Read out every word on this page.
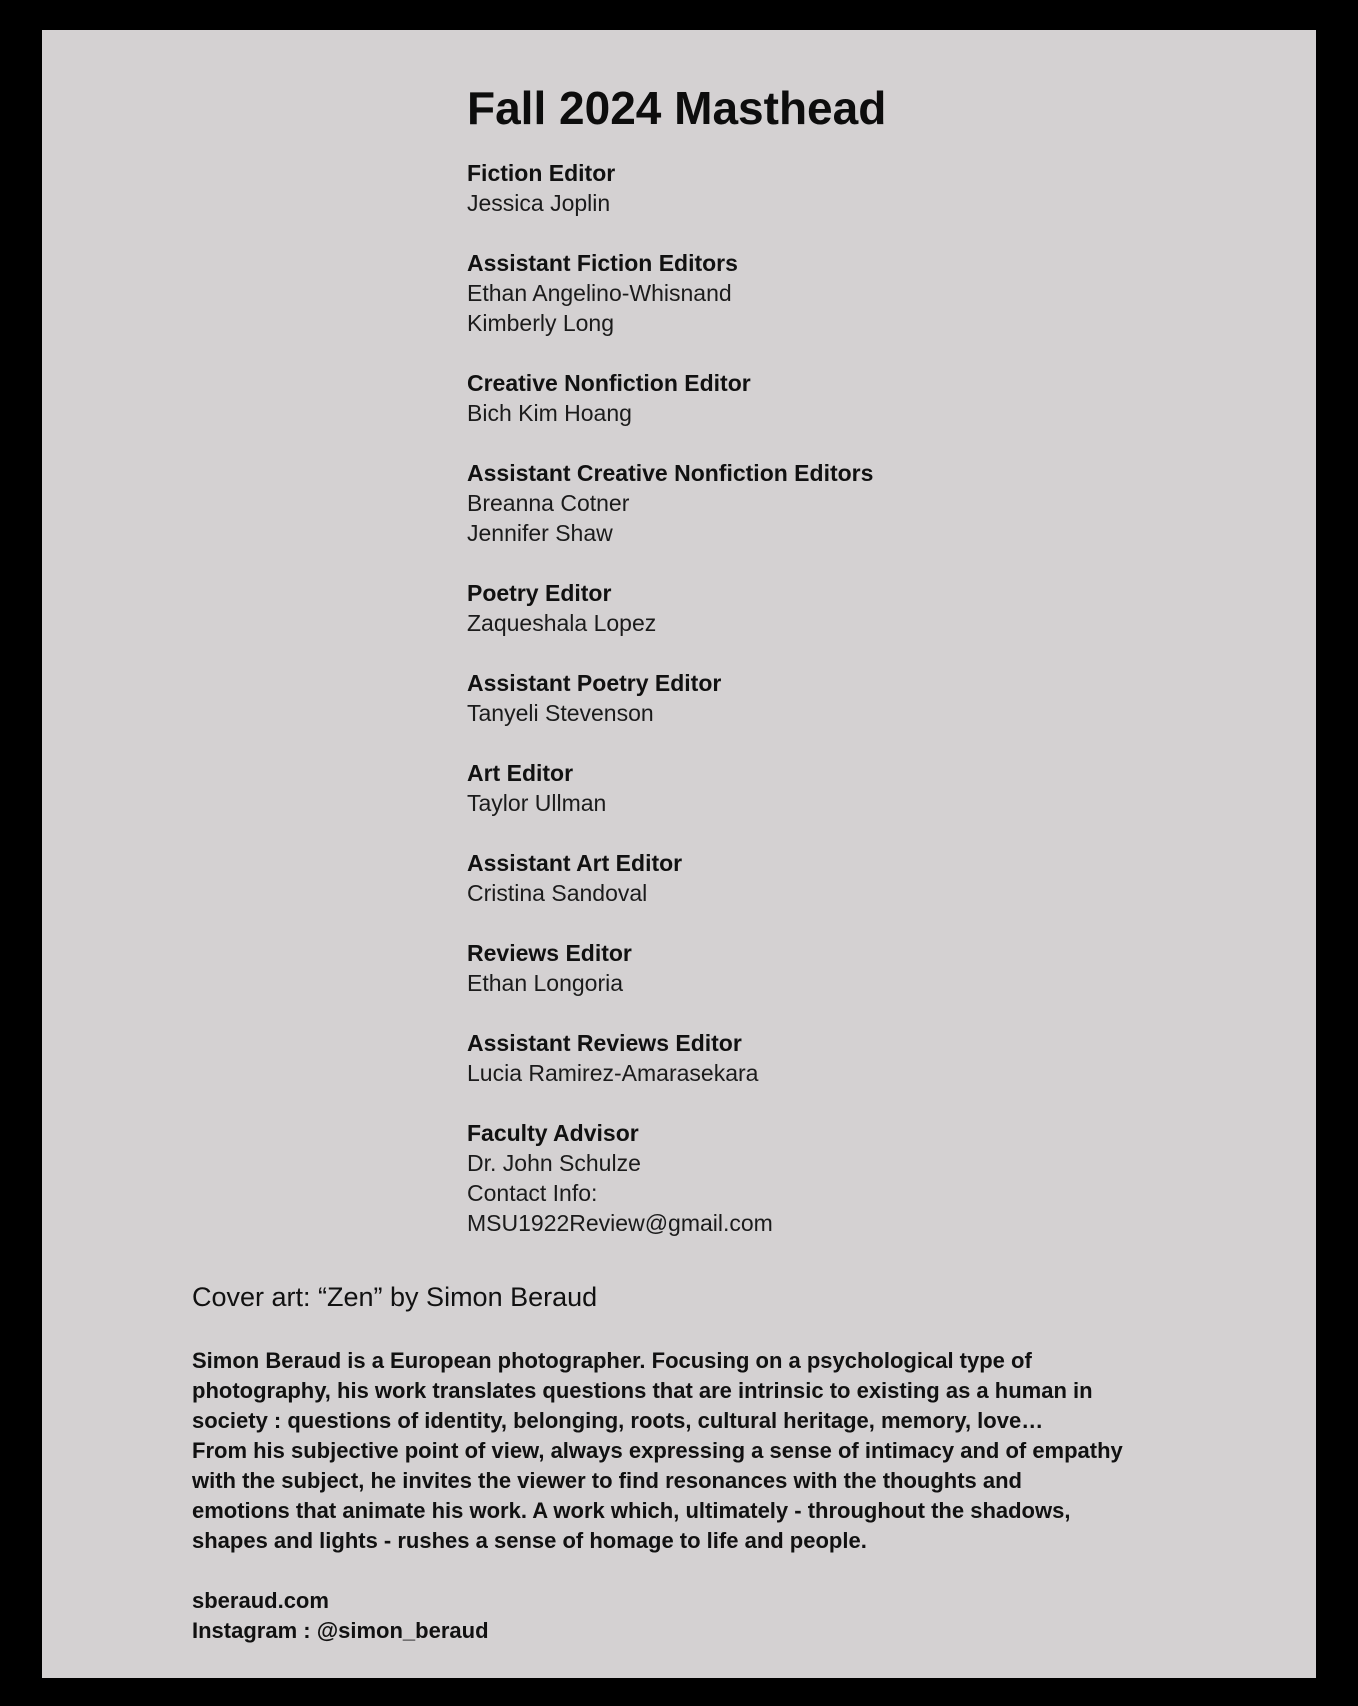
Fall 2024 Masthead
Fiction Editor
Jessica Joplin
Assistant Fiction Editors
Ethan Angelino-Whisnand
Kimberly Long
Creative Nonfiction Editor
Bich Kim Hoang
Assistant Creative Nonfiction Editors
Breanna Cotner
Jennifer Shaw
Poetry Editor
Zaqueshala Lopez
Assistant Poetry Editor
Tanyeli Stevenson
Art Editor
Taylor Ullman
Assistant Art Editor
Cristina Sandoval
Reviews Editor
Ethan Longoria
Assistant Reviews Editor
Lucia Ramirez-Amarasekara
Faculty Advisor
Dr. John Schulze
Contact Info:
MSU1922Review@gmail.com
Cover art: “Zen” by Simon Beraud
Simon Beraud is a European photographer. Focusing on a psychological type of
photography, his work translates questions that are intrinsic to existing as a human in
society : questions of identity, belonging, roots, cultural heritage, memory, love…
From his subjective point of view, always expressing a sense of intimacy and of empathy
with the subject, he invites the viewer to find resonances with the thoughts and
emotions that animate his work. A work which, ultimately - throughout the shadows,
shapes and lights - rushes a sense of homage to life and people.
sberaud.com
Instagram : @simon_beraud
